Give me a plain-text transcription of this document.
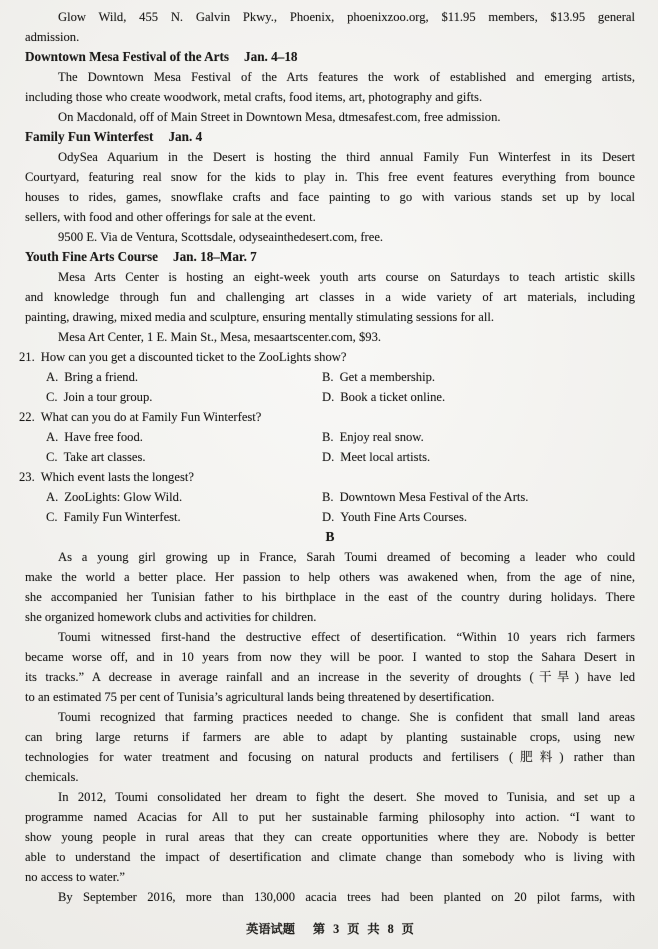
Glow Wild, 455 N. Galvin Pkwy., Phoenix, phoenixzoo.org, $11.95 members, $13.95 general
admission.
Downtown Mesa Festival of the Arts Jan. 4–18
The Downtown Mesa Festival of the Arts features the work of established and emerging artists,
including those who create woodwork, metal crafts, food items, art, photography and gifts.
On Macdonald, off of Main Street in Downtown Mesa, dtmesafest.com, free admission.
Family Fun Winterfest Jan. 4
OdySea Aquarium in the Desert is hosting the third annual Family Fun Winterfest in its Desert
Courtyard, featuring real snow for the kids to play in. This free event features everything from bounce
houses to rides, games, snowflake crafts and face painting to go with various stands set up by local
sellers, with food and other offerings for sale at the event.
9500 E. Via de Ventura, Scottsdale, odyseainthedesert.com, free.
Youth Fine Arts Course Jan. 18–Mar. 7
Mesa Arts Center is hosting an eight-week youth arts course on Saturdays to teach artistic skills
and knowledge through fun and challenging art classes in a wide variety of art materials, including
painting, drawing, mixed media and sculpture, ensuring mentally stimulating sessions for all.
Mesa Art Center, 1 E. Main St., Mesa, mesaartscenter.com, $93.
21. How can you get a discounted ticket to the ZooLights show?
A. Bring a friend.	B. Get a membership.
C. Join a tour group.	D. Book a ticket online.
22. What can you do at Family Fun Winterfest?
A. Have free food.	B. Enjoy real snow.
C. Take art classes.	D. Meet local artists.
23. Which event lasts the longest?
A. ZooLights: Glow Wild.	B. Downtown Mesa Festival of the Arts.
C. Family Fun Winterfest.	D. Youth Fine Arts Courses.
B
As a young girl growing up in France, Sarah Toumi dreamed of becoming a leader who could
make the world a better place. Her passion to help others was awakened when, from the age of nine,
she accompanied her Tunisian father to his birthplace in the east of the country during holidays. There
she organized homework clubs and activities for children.
Toumi witnessed first-hand the destructive effect of desertification. “Within 10 years rich farmers
became worse off, and in 10 years from now they will be poor. I wanted to stop the Sahara Desert in
its tracks.” A decrease in average rainfall and an increase in the severity of droughts (干旱) have led
to an estimated 75 per cent of Tunisia’s agricultural lands being threatened by desertification.
Toumi recognized that farming practices needed to change. She is confident that small land areas
can bring large returns if farmers are able to adapt by planting sustainable crops, using new
technologies for water treatment and focusing on natural products and fertilisers (肥料) rather than
chemicals.
In 2012, Toumi consolidated her dream to fight the desert. She moved to Tunisia, and set up a
programme named Acacias for All to put her sustainable farming philosophy into action. “I want to
show young people in rural areas that they can create opportunities where they are. Nobody is better
able to understand the impact of desertification and climate change than somebody who is living with
no access to water.”
By September 2016, more than 130,000 acacia trees had been planted on 20 pilot farms, with
英语试题 第 3 页 共 8 页
